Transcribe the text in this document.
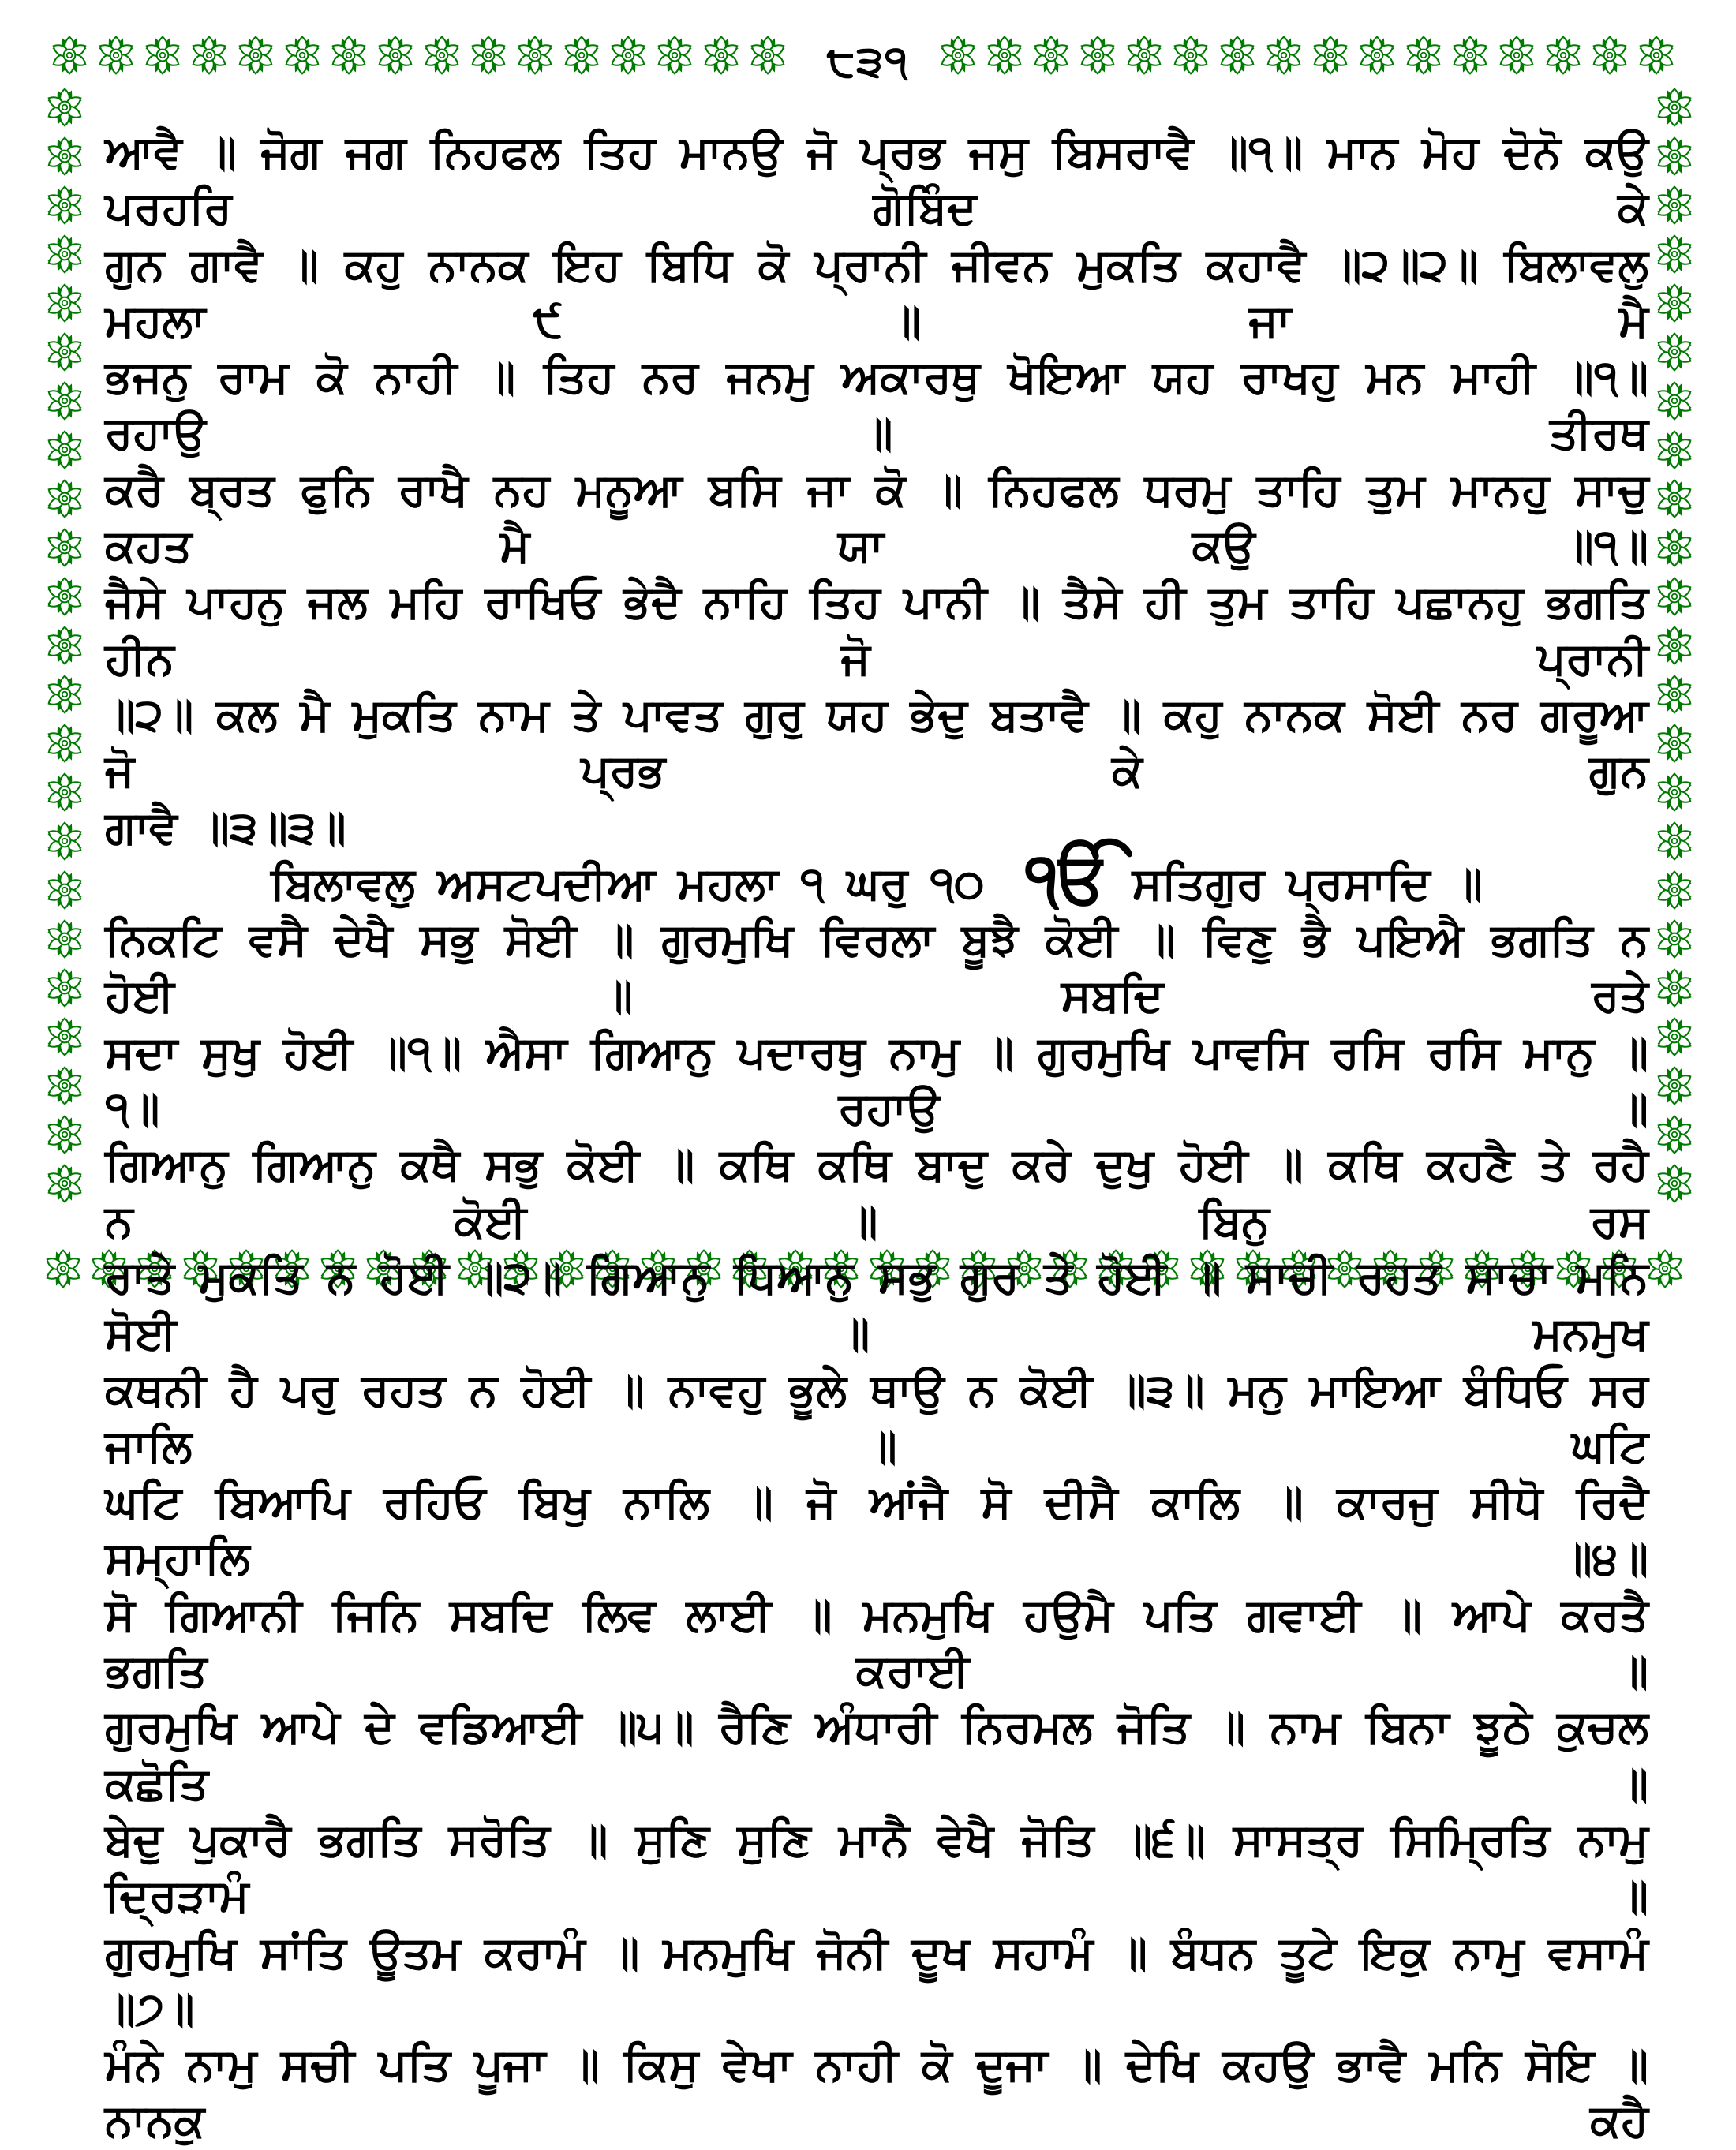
੮੩੧
ਆਵੈ ॥ ਜੋਗ ਜਗ ਨਿਹਫਲ ਤਿਹ ਮਾਨਉ ਜੋ ਪ੍ਰਭ ਜਸੁ ਬਿਸਰਾਵੈ ॥੧॥ ਮਾਨ ਮੋਹ ਦੋਨੋ ਕਉ ਪਰਹਰਿ ਗੋਬਿੰਦ ਕੇ
ਗੁਨ ਗਾਵੈ ॥ ਕਹੁ ਨਾਨਕ ਇਹ ਬਿਧਿ ਕੋ ਪ੍ਰਾਨੀ ਜੀਵਨ ਮੁਕਤਿ ਕਹਾਵੈ ॥੨॥੨॥ ਬਿਲਾਵਲੁ ਮਹਲਾ ੯ ॥ ਜਾ ਮੈ
ਭਜਨੁ ਰਾਮ ਕੋ ਨਾਹੀ ॥ ਤਿਹ ਨਰ ਜਨਮੁ ਅਕਾਰਥੁ ਖੋਇਆ ਯਹ ਰਾਖਹੁ ਮਨ ਮਾਹੀ ॥੧॥ ਰਹਾਉ ॥ ਤੀਰਥ
ਕਰੈ ਬ੍ਰਤ ਫੁਨਿ ਰਾਖੈ ਨਹ ਮਨੂਆ ਬਸਿ ਜਾ ਕੋ ॥ ਨਿਹਫਲ ਧਰਮੁ ਤਾਹਿ ਤੁਮ ਮਾਨਹੁ ਸਾਚੁ ਕਹਤ ਮੈ ਯਾ ਕਉ ॥੧॥
ਜੈਸੇ ਪਾਹਨੁ ਜਲ ਮਹਿ ਰਾਖਿਓ ਭੇਦੈ ਨਾਹਿ ਤਿਹ ਪਾਨੀ ॥ ਤੈਸੇ ਹੀ ਤੁਮ ਤਾਹਿ ਪਛਾਨਹੁ ਭਗਤਿ ਹੀਨ ਜੋ ਪ੍ਰਾਨੀ
॥੨॥ ਕਲ ਮੈ ਮੁਕਤਿ ਨਾਮ ਤੇ ਪਾਵਤ ਗੁਰੁ ਯਹ ਭੇਦੁ ਬਤਾਵੈ ॥ ਕਹੁ ਨਾਨਕ ਸੋਈ ਨਰ ਗਰੂਆ ਜੋ ਪ੍ਰਭ ਕੇ ਗੁਨ
ਗਾਵੈ ॥੩॥੩॥
ਬਿਲਾਵਲੁ ਅਸਟਪਦੀਆ ਮਹਲਾ ੧ ਘਰੁ ੧੦ ੴ ਸਤਿਗੁਰ ਪ੍ਰਸਾਦਿ ॥
ਨਿਕਟਿ ਵਸੈ ਦੇਖੈ ਸਭੁ ਸੋਈ ॥ ਗੁਰਮੁਖਿ ਵਿਰਲਾ ਬੂਝੈ ਕੋਈ ॥ ਵਿਣੁ ਭੈ ਪਇਐ ਭਗਤਿ ਨ ਹੋਈ ॥ ਸਬਦਿ ਰਤੇ
ਸਦਾ ਸੁਖੁ ਹੋਈ ॥੧॥ ਐਸਾ ਗਿਆਨੁ ਪਦਾਰਥੁ ਨਾਮੁ ॥ ਗੁਰਮੁਖਿ ਪਾਵਸਿ ਰਸਿ ਰਸਿ ਮਾਨੁ ॥੧॥ ਰਹਾਉ ॥
ਗਿਆਨੁ ਗਿਆਨੁ ਕਥੈ ਸਭੁ ਕੋਈ ॥ ਕਥਿ ਕਥਿ ਬਾਦੁ ਕਰੇ ਦੁਖੁ ਹੋਈ ॥ ਕਥਿ ਕਹਣੈ ਤੇ ਰਹੈ ਨ ਕੋਈ ॥ ਬਿਨੁ ਰਸ
ਰਾਤੇ ਮੁਕਤਿ ਨ ਹੋਈ ॥੨॥ ਗਿਆਨੁ ਧਿਆਨੁ ਸਭੁ ਗੁਰ ਤੇ ਹੋਈ ॥ ਸਾਚੀ ਰਹਤ ਸਾਚਾ ਮਨਿ ਸੋਈ ॥ ਮਨਮੁਖ
ਕਥਨੀ ਹੈ ਪਰੁ ਰਹਤ ਨ ਹੋਈ ॥ ਨਾਵਹੁ ਭੂਲੇ ਥਾਉ ਨ ਕੋਈ ॥੩॥ ਮਨੁ ਮਾਇਆ ਬੰਧਿਓ ਸਰ ਜਾਲਿ ॥ ਘਟਿ
ਘਟਿ ਬਿਆਪਿ ਰਹਿਓ ਬਿਖੁ ਨਾਲਿ ॥ ਜੋ ਆਂਜੈ ਸੋ ਦੀਸੈ ਕਾਲਿ ॥ ਕਾਰਜੁ ਸੀਧੋ ਰਿਦੈ ਸਮ੍ਹਾਲਿ ॥੪॥
ਸੋ ਗਿਆਨੀ ਜਿਨਿ ਸਬਦਿ ਲਿਵ ਲਾਈ ॥ ਮਨਮੁਖਿ ਹਉਮੈ ਪਤਿ ਗਵਾਈ ॥ ਆਪੇ ਕਰਤੈ ਭਗਤਿ ਕਰਾਈ ॥
ਗੁਰਮੁਖਿ ਆਪੇ ਦੇ ਵਡਿਆਈ ॥੫॥ ਰੈਣਿ ਅੰਧਾਰੀ ਨਿਰਮਲ ਜੋਤਿ ॥ ਨਾਮ ਬਿਨਾ ਝੂਠੇ ਕੁਚਲ ਕਛੋਤਿ ॥
ਬੇਦੁ ਪੁਕਾਰੈ ਭਗਤਿ ਸਰੋਤਿ ॥ ਸੁਣਿ ਸੁਣਿ ਮਾਨੈ ਵੇਖੈ ਜੋਤਿ ॥੬॥ ਸਾਸਤ੍ਰ ਸਿਮ੍ਰਿਤਿ ਨਾਮੁ ਦ੍ਰਿੜਾਮੰ ॥
ਗੁਰਮੁਖਿ ਸਾਂਤਿ ਊਤਮ ਕਰਾਮੰ ॥ ਮਨਮੁਖਿ ਜੋਨੀ ਦੂਖ ਸਹਾਮੰ ॥ ਬੰਧਨ ਤੂਟੇ ਇਕੁ ਨਾਮੁ ਵਸਾਮੰ ॥੭॥
ਮੰਨੇ ਨਾਮੁ ਸਚੀ ਪਤਿ ਪੂਜਾ ॥ ਕਿਸੁ ਵੇਖਾ ਨਾਹੀ ਕੋ ਦੂਜਾ ॥ ਦੇਖਿ ਕਹਉ ਭਾਵੈ ਮਨਿ ਸੋਇ ॥ ਨਾਨਕੁ ਕਹੈ
